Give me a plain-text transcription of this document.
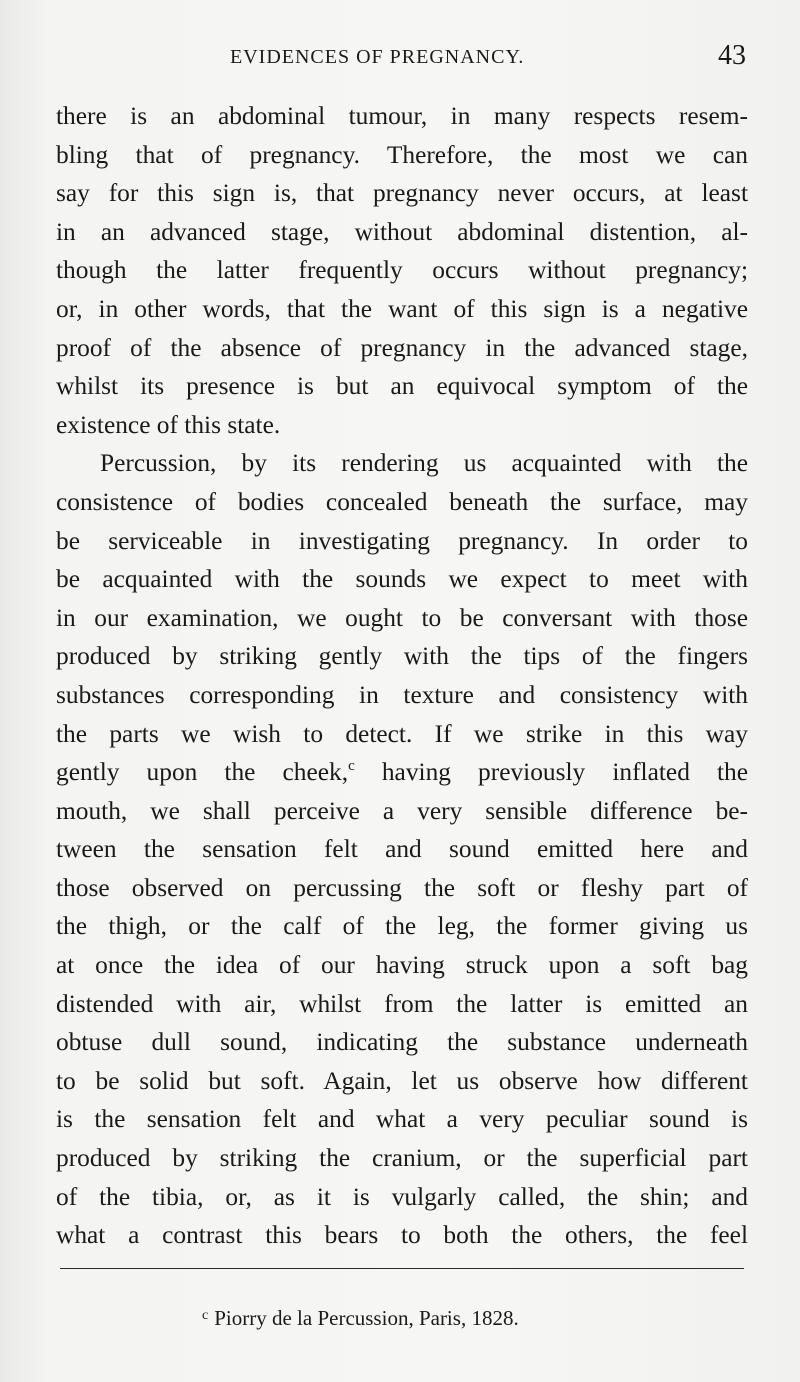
EVIDENCES OF PREGNANCY.	43
there is an abdominal tumour, in many respects resem-
bling that of pregnancy. Therefore, the most we can
say for this sign is, that pregnancy never occurs, at least
in an advanced stage, without abdominal distention, al-
though the latter frequently occurs without pregnancy;
or, in other words, that the want of this sign is a negative
proof of the absence of pregnancy in the advanced stage,
whilst its presence is but an equivocal symptom of the
existence of this state.
Percussion, by its rendering us acquainted with the
consistence of bodies concealed beneath the surface, may
be serviceable in investigating pregnancy. In order to
be acquainted with the sounds we expect to meet with
in our examination, we ought to be conversant with those
produced by striking gently with the tips of the fingers
substances corresponding in texture and consistency with
the parts we wish to detect. If we strike in this way
gently upon the cheek,$^c$ having previously inflated the
mouth, we shall perceive a very sensible difference be-
tween the sensation felt and sound emitted here and
those observed on percussing the soft or fleshy part of
the thigh, or the calf of the leg, the former giving us
at once the idea of our having struck upon a soft bag
distended with air, whilst from the latter is emitted an
obtuse dull sound, indicating the substance underneath
to be solid but soft. Again, let us observe how different
is the sensation felt and what a very peculiar sound is
produced by striking the cranium, or the superficial part
of the tibia, or, as it is vulgarly called, the shin; and
what a contrast this bears to both the others, the feel
$^c$ Piorry de la Percussion, Paris, 1828.
